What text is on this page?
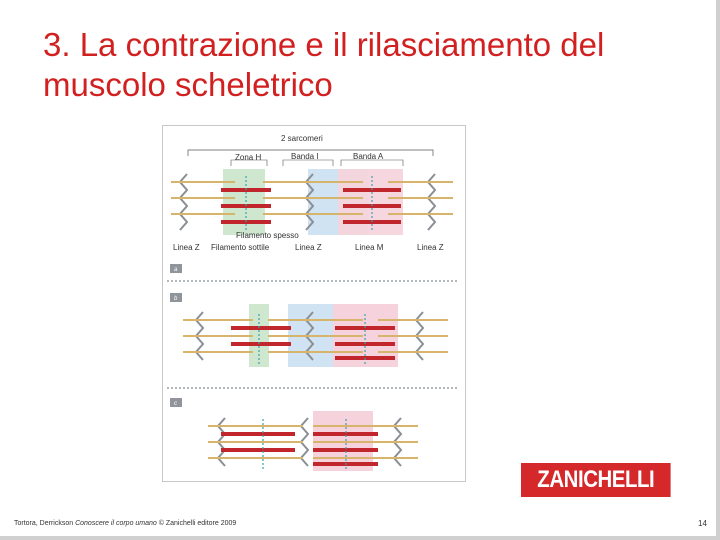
3. La contrazione e il rilasciamento del muscolo scheletrico
2 sarcomeri
Zona H	Banda I	Banda A
Filamento spesso
Linea Z Filamento sottile	Linea Z	Linea M	Linea Z
a
b
c
ZANICHELLI
Tortora, Derrickson Conoscere il corpo umano © Zanichelli editore 2009	14
